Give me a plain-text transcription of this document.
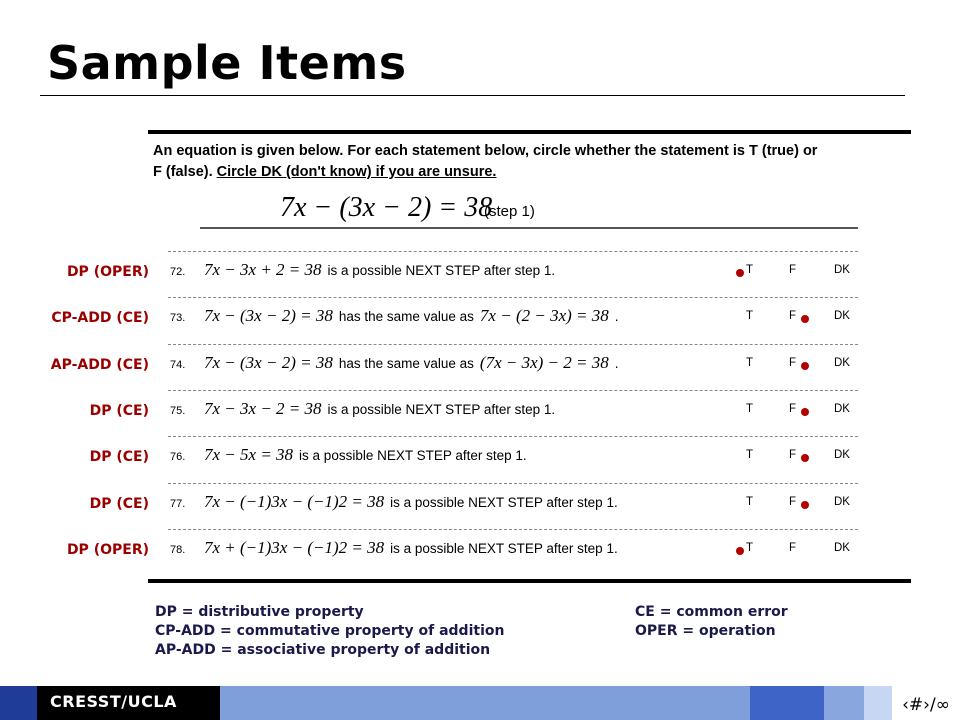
Sample Items
An equation is given below. For each statement below, circle whether the statement is T (true) or
F (false). Circle DK (don't know) if you are unsure.
7x − (3x − 2) = 38
(step 1)
DP (OPER) 72.	7x − 3x + 2 = 38 is a possible NEXT STEP after step 1.	T	F	DK
CP-ADD (CE) 73.	7x − (3x − 2) = 38 has the same value as 7x − (2 − 3x) = 38 .	T	F	DK
AP-ADD (CE) 74.	7x − (3x − 2) = 38 has the same value as (7x − 3x) − 2 = 38 .	T	F	DK
DP (CE) 75.	7x − 3x − 2 = 38 is a possible NEXT STEP after step 1.	T	F	DK
DP (CE) 76.	7x − 5x = 38 is a possible NEXT STEP after step 1.	T	F	DK
DP (CE) 77.	7x − (−1)3x − (−1)2 = 38 is a possible NEXT STEP after step 1.	T	F	DK
DP (OPER) 78.	7x + (−1)3x − (−1)2 = 38 is a possible NEXT STEP after step 1.	T	F	DK
DP = distributive property
CP-ADD = commutative property of addition
AP-ADD = associative property of addition
CE = common error
OPER = operation
CRESST/UCLA	‹#›/∞
